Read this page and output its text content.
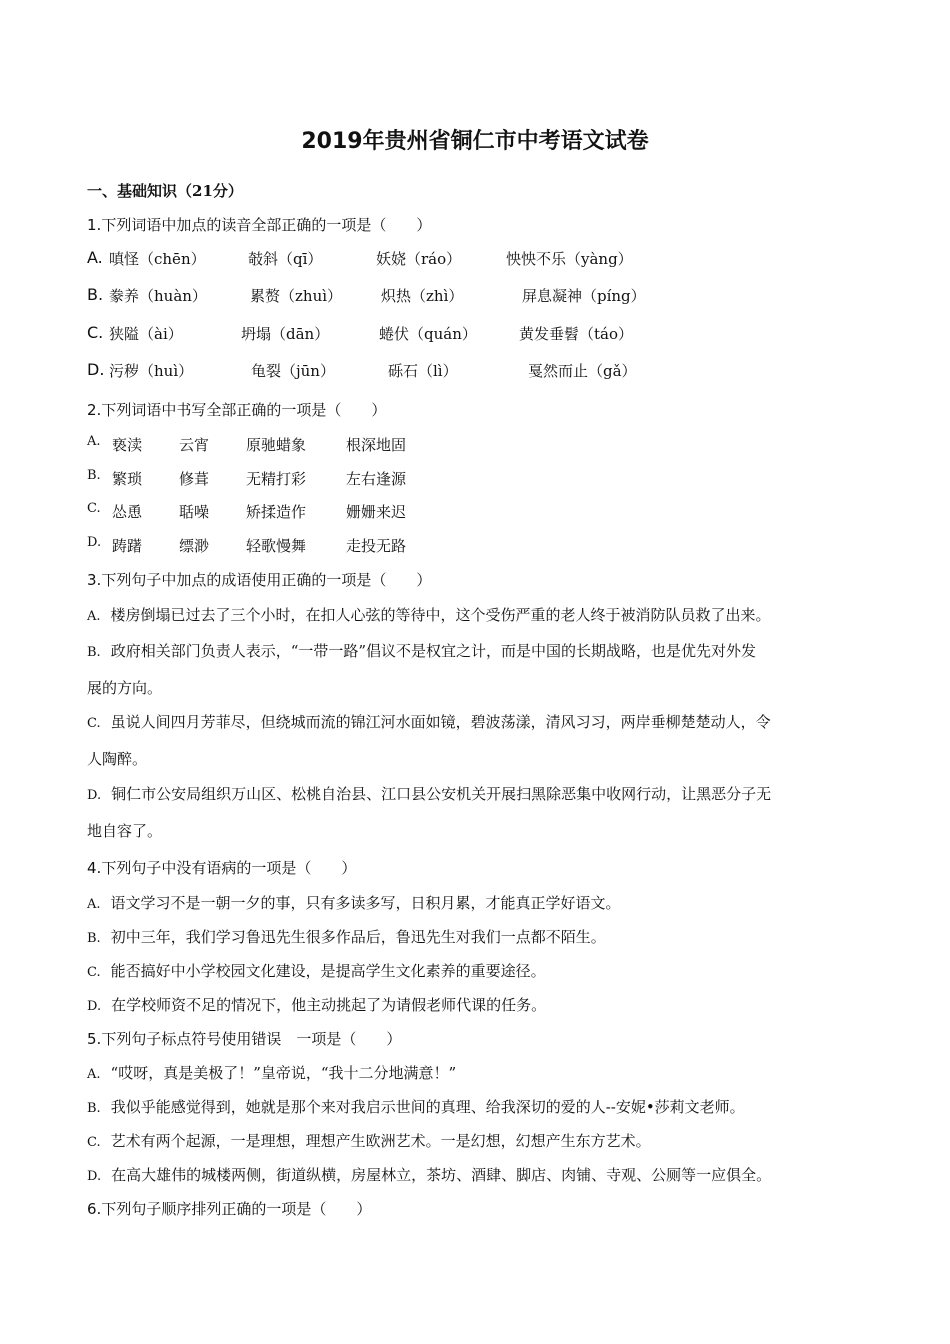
2019年贵州省铜仁市中考语文试卷
一、基础知识（21分）
1.下列词语中加点的读音全部正确的一项是（　　）
A. 嗔怪（chēn）	攲斜（qī）	妖娆（ráo）	怏怏不乐（yàng）
B. 豢养（huàn）	累赘（zhuì）	炽热（zhì）	屏息凝神（píng）
C. 狭隘（ài）	坍塌（dān）	蜷伏（quán）	黄发垂髫（táo）
D. 污秽（huì）	龟裂（jūn）	砾石（lì）	戛然而止（gǎ）
2.下列词语中书写全部正确的一项是（　　）
A. 亵渎 云宵 原驰蜡象	根深地固
B. 繁琐 修葺 无精打彩	左右逢源
C. 怂恿 聒噪 矫揉造作	姗姗来迟
D. 踌躇 缥渺 轻歌慢舞	走投无路
3.下列句子中加点的成语使用正确的一项是（　　）
A. 楼房倒塌已过去了三个小时，在扣人心弦的等待中，这个受伤严重的老人终于被消防队员救了出来。
B. 政府相关部门负责人表示，“一带一路”倡议不是权宜之计，而是中国的长期战略，也是优先对外发
展的方向。
C. 虽说人间四月芳菲尽，但绕城而流的锦江河水面如镜，碧波荡漾，清风习习，两岸垂柳楚楚动人，令
人陶醉。
D. 铜仁市公安局组织万山区、松桃自治县、江口县公安机关开展扫黑除恶集中收网行动，让黑恶分子无
地自容了。
4.下列句子中没有语病的一项是（　　）
A. 语文学习不是一朝一夕的事，只有多读多写，日积月累，才能真正学好语文。
B. 初中三年，我们学习鲁迅先生很多作品后，鲁迅先生对我们一点都不陌生。
C. 能否搞好中小学校园文化建设，是提高学生文化素养的重要途径。
D. 在学校师资不足的情况下，他主动挑起了为请假老师代课的任务。
5.下列句子标点符号使用错误　一项是（　　）
A. “哎呀，真是美极了！”皇帝说，“我十二分地满意！”
B. 我似乎能感觉得到，她就是那个来对我启示世间的真理、给我深切的爱的人--安妮•莎莉文老师。
C. 艺术有两个起源，一是理想，理想产生欧洲艺术。一是幻想，幻想产生东方艺术。
D. 在高大雄伟的城楼两侧，街道纵横，房屋林立，茶坊、酒肆、脚店、肉铺、寺观、公厕等一应俱全。
6.下列句子顺序排列正确的一项是（　　）
